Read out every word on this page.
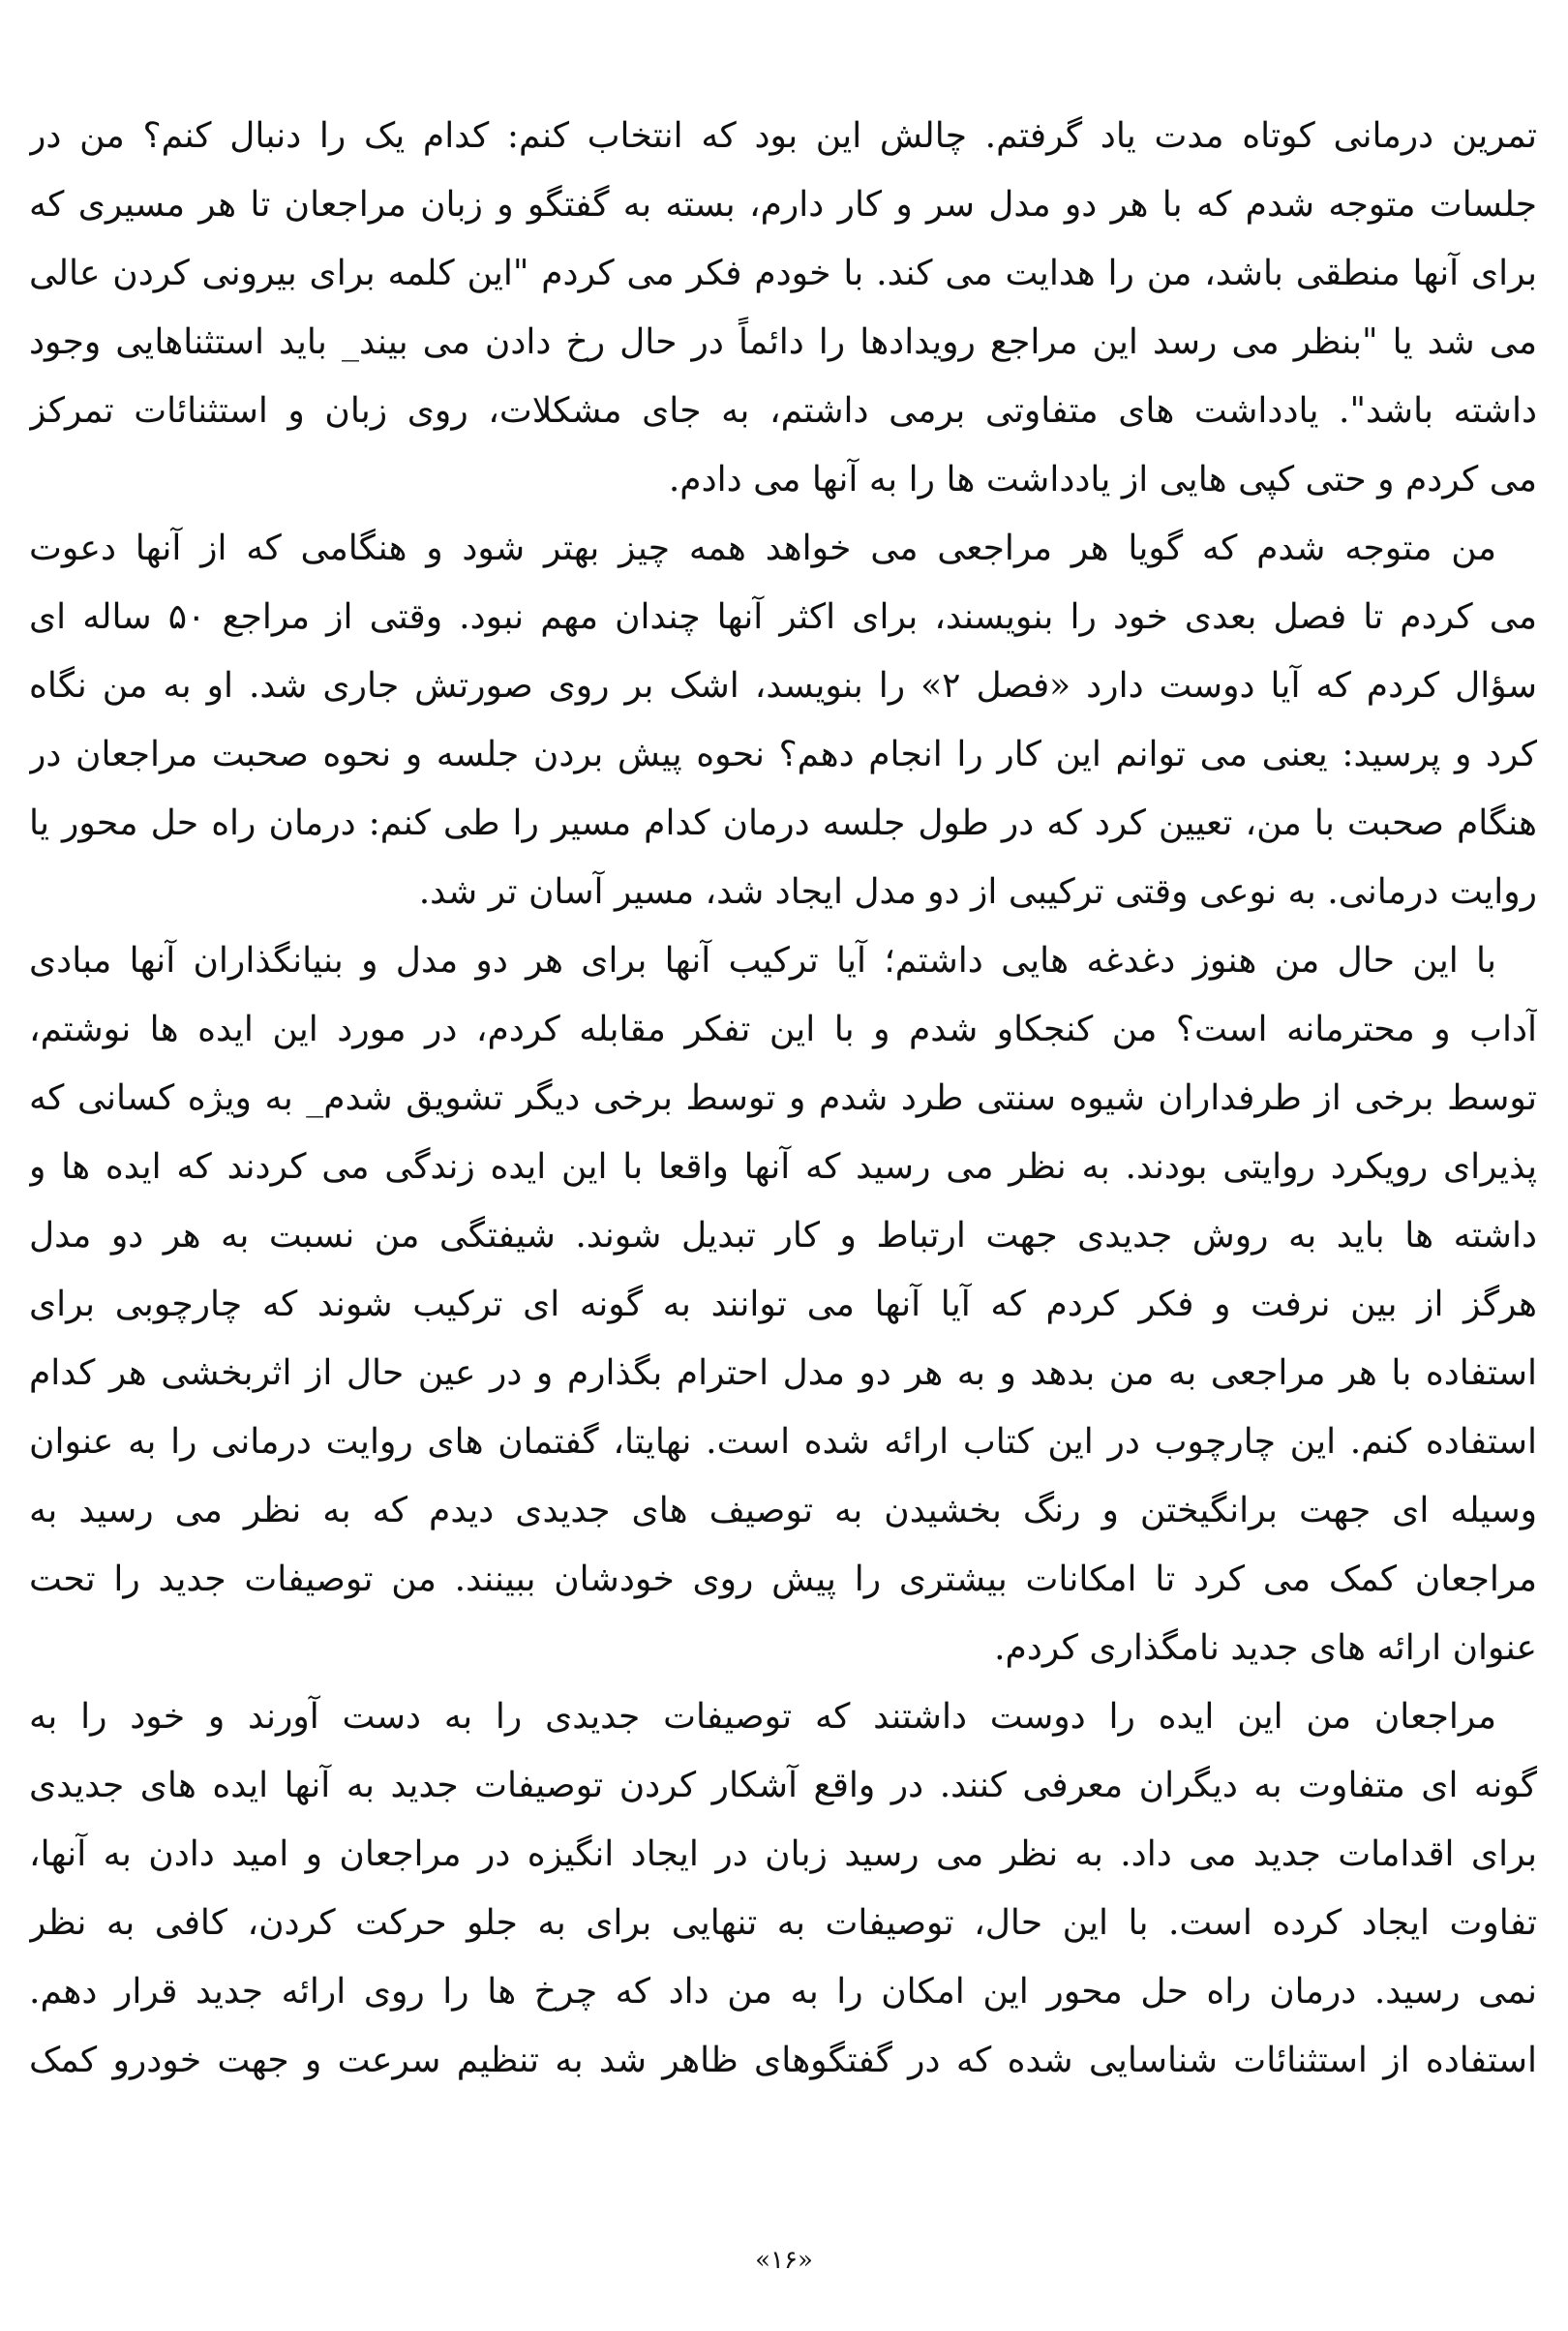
تمرین درمانی کوتاه مدت یاد گرفتم. چالش این بود که انتخاب کنم: کدام یک را دنبال کنم؟ من در
جلسات متوجه شدم که با هر دو مدل سر و کار دارم، بسته به گفتگو و زبان مراجعان تا هر مسیری که
برای آنها منطقی باشد، من را هدایت می کند. با خودم فکر می کردم "این کلمه برای بیرونی کردن عالی
می شد یا "بنظر می رسد این مراجع رویدادها را دائماً در حال رخ دادن می بیند_ باید استثناهایی وجود
داشته باشد". یادداشت های متفاوتی برمی داشتم، به جای مشکلات، روی زبان و استثنائات تمرکز
می کردم و حتی کپی هایی از یادداشت ها را به آنها می دادم.
من متوجه شدم که گویا هر مراجعی می خواهد همه چیز بهتر شود و هنگامی که از آنها دعوت
می کردم تا فصل بعدی خود را بنویسند، برای اکثر آنها چندان مهم نبود. وقتی از مراجع ۵۰ ساله ای
سؤال کردم که آیا دوست دارد «فصل ۲» را بنویسد، اشک بر روی صورتش جاری شد. او به من نگاه
کرد و پرسید: یعنی می توانم این کار را انجام دهم؟ نحوه پیش بردن جلسه و نحوه صحبت مراجعان در
هنگام صحبت با من، تعیین کرد که در طول جلسه درمان کدام مسیر را طی کنم: درمان راه حل محور یا
روایت درمانی. به نوعی وقتی ترکیبی از دو مدل ایجاد شد، مسیر آسان تر شد.
با این حال من هنوز دغدغه هایی داشتم؛ آیا ترکیب آنها برای هر دو مدل و بنیانگذاران آنها مبادی
آداب و محترمانه است؟ من کنجکاو شدم و با این تفکر مقابله کردم، در مورد این ایده ها نوشتم،
توسط برخی از طرفداران شیوه سنتی طرد شدم و توسط برخی دیگر تشویق شدم_ به ویژه کسانی که
پذیرای رویکرد روایتی بودند. به نظر می رسید که آنها واقعا با این ایده زندگی می کردند که ایده ها و
داشته ها باید به روش جدیدی جهت ارتباط و کار تبدیل شوند. شیفتگی من نسبت به هر دو مدل
هرگز از بین نرفت و فکر کردم که آیا آنها می توانند به گونه ای ترکیب شوند که چارچوبی برای
استفاده با هر مراجعی به من بدهد و به هر دو مدل احترام بگذارم و در عین حال از اثربخشی هر کدام
استفاده کنم. این چارچوب در این کتاب ارائه شده است. نهایتا، گفتمان های روایت درمانی را به عنوان
وسیله ای جهت برانگیختن و رنگ بخشیدن به توصیف های جدیدی دیدم که به نظر می رسید به
مراجعان کمک می کرد تا امکانات بیشتری را پیش روی خودشان ببینند. من توصیفات جدید را تحت
عنوان ارائه های جدید نامگذاری کردم.
مراجعان من این ایده را دوست داشتند که توصیفات جدیدی را به دست آورند و خود را به
گونه ای متفاوت به دیگران معرفی کنند. در واقع آشکار کردن توصیفات جدید به آنها ایده های جدیدی
برای اقدامات جدید می داد. به نظر می رسید زبان در ایجاد انگیزه در مراجعان و امید دادن به آنها،
تفاوت ایجاد کرده است. با این حال، توصیفات به تنهایی برای به جلو حرکت کردن، کافی به نظر
نمی رسید. درمان راه حل محور این امکان را به من داد که چرخ ها را روی ارائه جدید قرار دهم.
استفاده از استثنائات شناسایی شده که در گفتگوهای ظاهر شد به تنظیم سرعت و جهت خودرو کمک
«۱۶»
